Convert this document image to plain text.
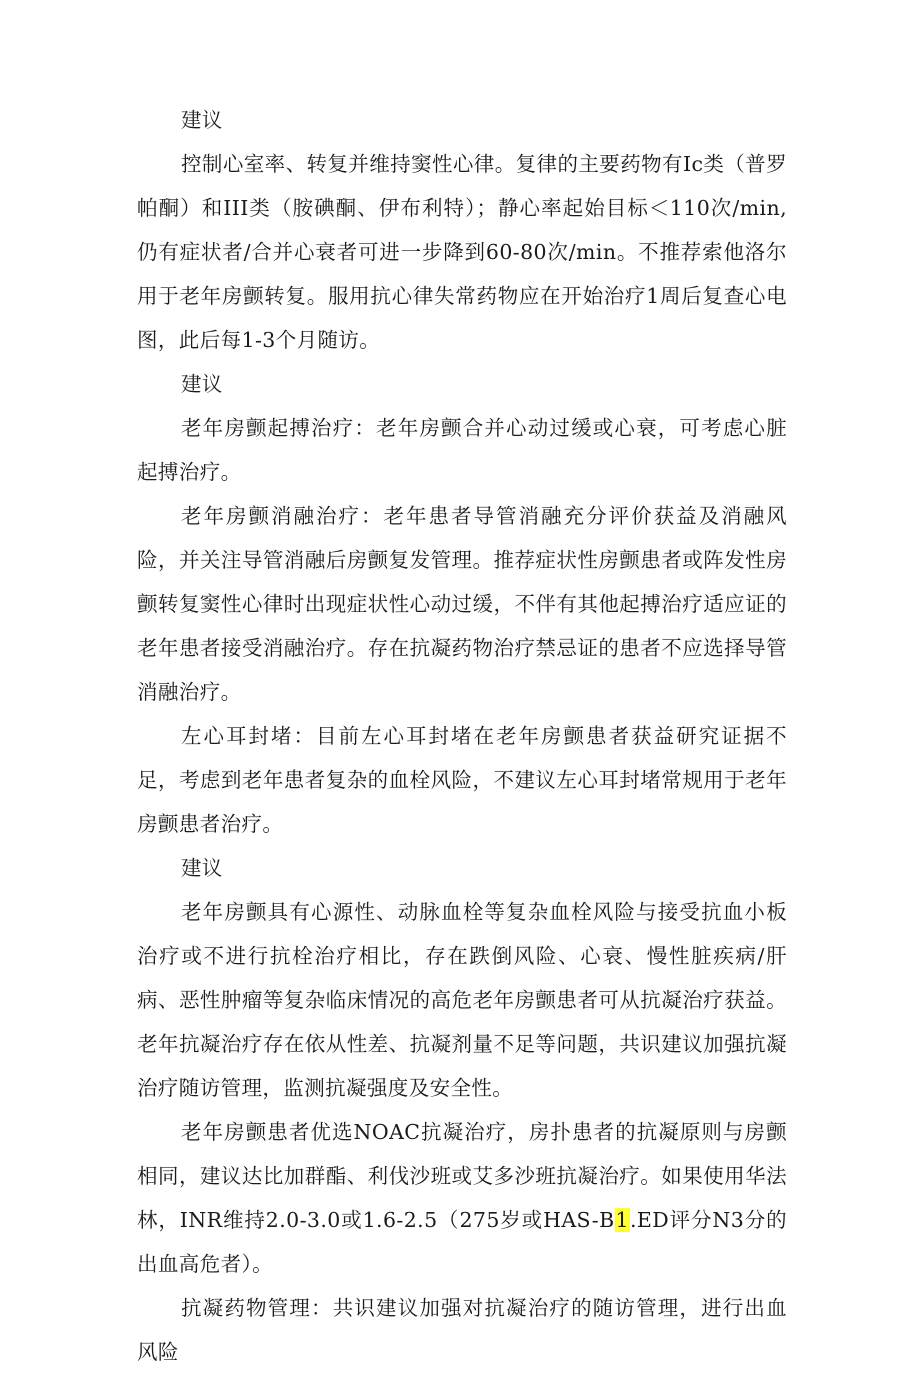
建议

控制心室率、转复并维持窦性心律。复律的主要药物有Ic类（普罗帕酮）和III类（胺碘酮、伊布利特）；静心率起始目标＜110次/min,仍有症状者/合并心衰者可进一步降到60-80次/min。不推荐索他洛尔用于老年房颤转复。服用抗心律失常药物应在开始治疗1周后复查心电图，此后每1-3个月随访。

建议

老年房颤起搏治疗：老年房颤合并心动过缓或心衰，可考虑心脏起搏治疗。

老年房颤消融治疗：老年患者导管消融充分评价获益及消融风险，并关注导管消融后房颤复发管理。推荐症状性房颤患者或阵发性房颤转复窦性心律时出现症状性心动过缓，不伴有其他起搏治疗适应证的老年患者接受消融治疗。存在抗凝药物治疗禁忌证的患者不应选择导管消融治疗。

左心耳封堵：目前左心耳封堵在老年房颤患者获益研究证据不足，考虑到老年患者复杂的血栓风险，不建议左心耳封堵常规用于老年房颤患者治疗。

建议

老年房颤具有心源性、动脉血栓等复杂血栓风险与接受抗血小板治疗或不进行抗栓治疗相比，存在跌倒风险、心衰、慢性脏疾病/肝病、恶性肿瘤等复杂临床情况的高危老年房颤患者可从抗凝治疗获益。老年抗凝治疗存在依从性差、抗凝剂量不足等问题，共识建议加强抗凝治疗随访管理，监测抗凝强度及安全性。

老年房颤患者优选NOAC抗凝治疗，房扑患者的抗凝原则与房颤相同，建议达比加群酯、利伐沙班或艾多沙班抗凝治疗。如果使用华法林，INR维持2.0-3.0或1.6-2.5（275岁或HAS-B1.ED评分N3分的出血高危者）。

抗凝药物管理：共识建议加强对抗凝治疗的随访管理，进行出血风险
